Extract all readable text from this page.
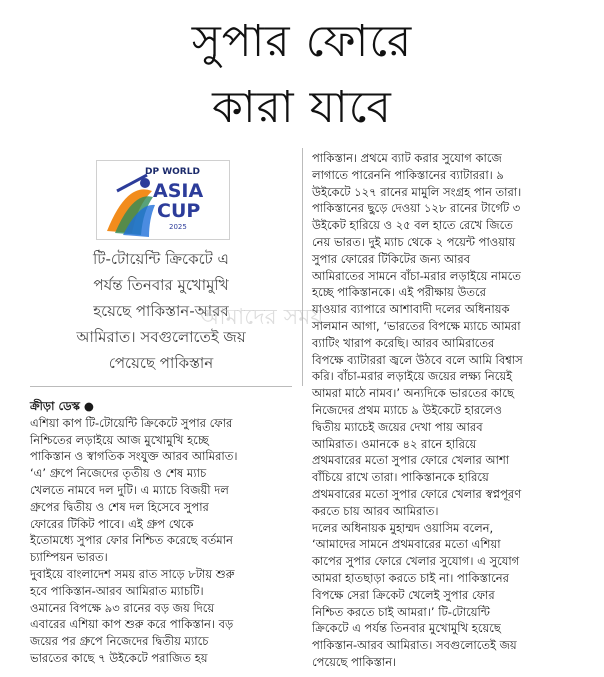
সুপার ফোরে
কারা যাবে
DP WORLD
ASIA
CUP
2025
টি-টোয়েন্টি ক্রিকেটে এ
পর্যন্ত তিনবার মুখোমুখি
হয়েছে পাকিস্তান-আরব
আমিরাত। সবগুলোতেই জয়
পেয়েছে পাকিস্তান
আমাদের সময়
ক্রীড়া ডেস্ক ●
এশিয়া কাপ টি-টোয়েন্টি ক্রিকেটে সুপার ফোর
নিশ্চিতের লড়াইয়ে আজ মুখোমুখি হচ্ছে
পাকিস্তান ও স্বাগতিক সংযুক্ত আরব আমিরাত।
‘এ’ গ্রুপে নিজেদের তৃতীয় ও শেষ ম্যাচ
খেলতে নামবে দল দুটি। এ ম্যাচে বিজয়ী দল
গ্রুপের দ্বিতীয় ও শেষ দল হিসেবে সুপার
ফোরের টিকিট পাবে। এই গ্রুপ থেকে
ইতোমধ্যে সুপার ফোর নিশ্চিত করেছে বর্তমান
চ্যাম্পিয়ন ভারত।
দুবাইয়ে বাংলাদেশ সময় রাত সাড়ে ৮টায় শুরু
হবে পাকিস্তান-আরব আমিরাত ম্যাচটি।
ওমানের বিপক্ষে ৯৩ রানের বড় জয় দিয়ে
এবারের এশিয়া কাপ শুরু করে পাকিস্তান। বড়
জয়ের পর গ্রুপে নিজেদের দ্বিতীয় ম্যাচে
ভারতের কাছে ৭ উইকেটে পরাজিত হয়
পাকিস্তান। প্রথমে ব্যাট করার সুযোগ কাজে
লাগাতে পারেননি পাকিস্তানের ব্যাটাররা। ৯
উইকেটে ১২৭ রানের মামুলি সংগ্রহ পান তারা।
পাকিস্তানের ছুড়ে দেওয়া ১২৮ রানের টার্গেট ৩
উইকেট হারিয়ে ও ২৫ বল হাতে রেখে জিতে
নেয় ভারত। দুই ম্যাচ থেকে ২ পয়েন্ট পাওয়ায়
সুপার ফোরের টিকিটের জন্য আরব
আমিরাতের সামনে বাঁচা-মরার লড়াইয়ে নামতে
হচ্ছে পাকিস্তানকে। এই পরীক্ষায় উতরে
যাওয়ার ব্যাপারে আশাবাদী দলের অধিনায়ক
সালমান আগা, ‘ভারতের বিপক্ষে ম্যাচে আমরা
ব্যাটিং খারাপ করেছি। আরব আমিরাতের
বিপক্ষে ব্যাটাররা জ্বলে উঠবে বলে আমি বিশ্বাস
করি। বাঁচা-মরার লড়াইয়ে জয়ের লক্ষ্য নিয়েই
আমরা মাঠে নামব।’ অন্যদিকে ভারতের কাছে
নিজেদের প্রথম ম্যাচে ৯ উইকেটে হারলেও
দ্বিতীয় ম্যাচেই জয়ের দেখা পায় আরব
আমিরাত। ওমানকে ৪২ রানে হারিয়ে
প্রথমবারের মতো সুপার ফোরে খেলার আশা
বাঁচিয়ে রাখে তারা। পাকিস্তানকে হারিয়ে
প্রথমবারের মতো সুপার ফোরে খেলার স্বপ্নপূরণ
করতে চায় আরব আমিরাত।
দলের অধিনায়ক মুহাম্মদ ওয়াসিম বলেন,
‘আমাদের সামনে প্রথমবারের মতো এশিয়া
কাপের সুপার ফোরে খেলার সুযোগ। এ সুযোগ
আমরা হাতছাড়া করতে চাই না। পাকিস্তানের
বিপক্ষে সেরা ক্রিকেট খেলেই সুপার ফোর
নিশ্চিত করতে চাই আমরা।’ টি-টোয়েন্টি
ক্রিকেটে এ পর্যন্ত তিনবার মুখোমুখি হয়েছে
পাকিস্তান-আরব আমিরাত। সবগুলোতেই জয়
পেয়েছে পাকিস্তান।
